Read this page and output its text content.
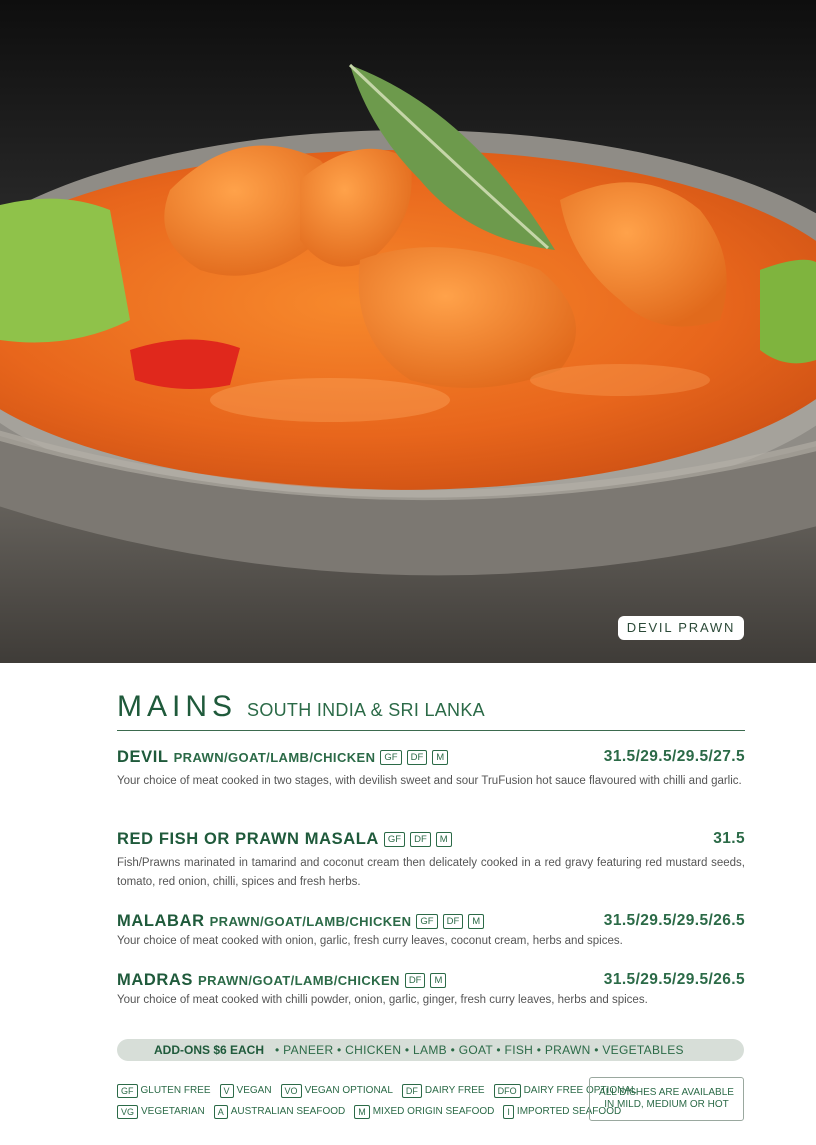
DEVIL PRAWN
MAINS SOUTH INDIA & SRI LANKA
DEVIL PRAWN/GOAT/LAMB/CHICKEN GF	DF	M	31.5/29.5/29.5/27.5
Your choice of meat cooked in two stages, with devilish sweet and sour TruFusion hot sauce flavoured with chilli and garlic.
RED FISH OR PRAWN MASALA GF	DF	M	31.5
Fish/Prawns marinated in tamarind and coconut cream then delicately cooked in a red gravy featuring red mustard seeds, tomato, red onion, chilli, spices and fresh herbs.
MALABAR PRAWN/GOAT/LAMB/CHICKEN GF	DF	M	31.5/29.5/29.5/26.5
Your choice of meat cooked with onion, garlic, fresh curry leaves, coconut cream, herbs and spices.
MADRAS PRAWN/GOAT/LAMB/CHICKEN DF	M	31.5/29.5/29.5/26.5
Your choice of meat cooked with chilli powder, onion, garlic, ginger, fresh curry leaves, herbs and spices.
ADD-ONS $6 EACH • PANEER • CHICKEN • LAMB • GOAT • FISH • PRAWN • VEGETABLES
GF GLUTEN FREE	V VEGAN	VO VEGAN OPTIONAL	DF DAIRY FREE	DFO DAIRY FREE OPTIONAL
VG VEGETARIAN	A AUSTRALIAN SEAFOOD	M MIXED ORIGIN SEAFOOD	I IMPORTED SEAFOOD
ALL DISHES ARE AVAILABLE
IN MILD, MEDIUM OR HOT
